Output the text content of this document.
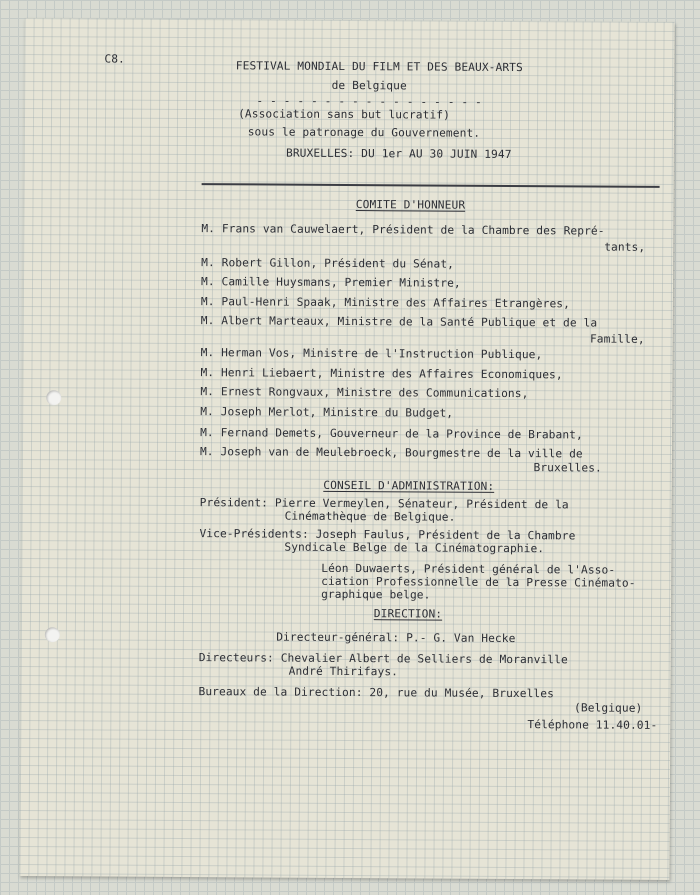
C8.
FESTIVAL MONDIAL DU FILM ET DES BEAUX-ARTS
de Belgique
- - - - - - - - - - - - - - - - -
(Association sans but lucratif)
sous le patronage du Gouvernement.
BRUXELLES: DU 1er AU 30 JUIN 1947
COMITE D'HONNEUR
M. Frans van Cauwelaert, Président de la Chambre des Repré-
tants,
M. Robert Gillon, Président du Sénat,
M. Camille Huysmans, Premier Ministre,
M. Paul-Henri Spaak, Ministre des Affaires Etrangères,
M. Albert Marteaux, Ministre de la Santé Publique et de la
Famille,
M. Herman Vos, Ministre de l'Instruction Publique,
M. Henri Liebaert, Ministre des Affaires Economiques,
M. Ernest Rongvaux, Ministre des Communications,
M. Joseph Merlot, Ministre du Budget,
M. Fernand Demets, Gouverneur de la Province de Brabant,
M. Joseph van de Meulebroeck, Bourgmestre de la ville de
Bruxelles.
CONSEIL D'ADMINISTRATION:
Président: Pierre Vermeylen, Sénateur, Président de la
Cinémathèque de Belgique.
Vice-Présidents: Joseph Faulus, Président de la Chambre
Syndicale Belge de la Cinématographie.
Léon Duwaerts, Président général de l'Asso-
ciation Professionnelle de la Presse Cinémato-
graphique belge.
DIRECTION:
Directeur-général: P.- G. Van Hecke
Directeurs: Chevalier Albert de Selliers de Moranville
André Thirifays.
Bureaux de la Direction: 20, rue du Musée, Bruxelles
(Belgique)
Téléphone 11.40.01-
